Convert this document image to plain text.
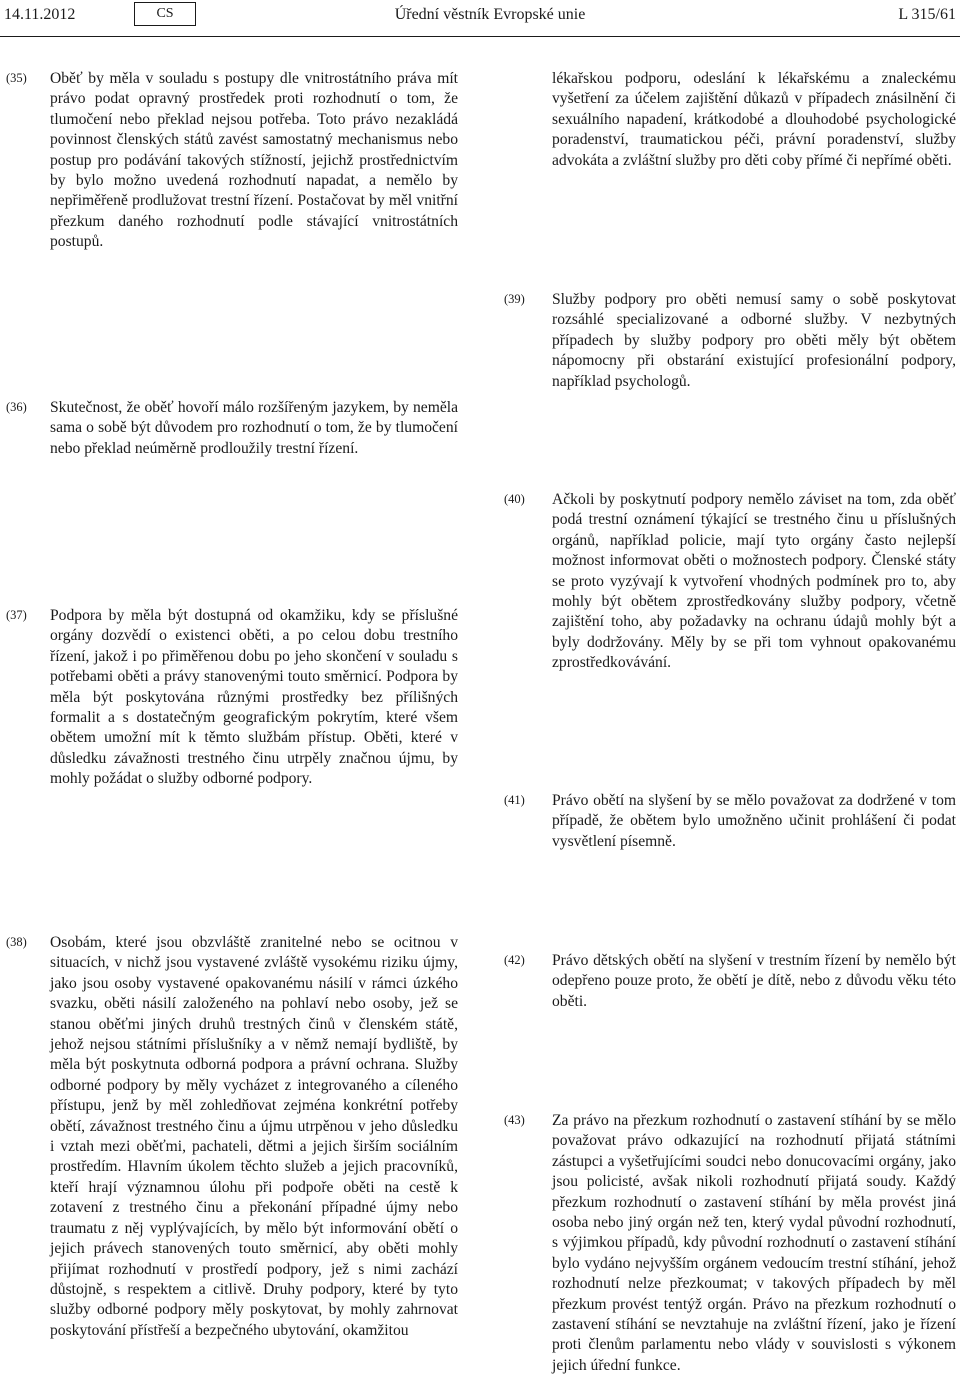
14.11.2012	CS	Úřední věstník Evropské unie	L 315/61
(35)	Oběť by měla v souladu s postupy dle vnitrostátního práva mít právo podat opravný prostředek proti rozhodnutí o tom, že tlumočení nebo překlad nejsou potřeba. Toto právo nezakládá povinnost členských států zavést samostatný mechanismus nebo postup pro podávání takových stížností, jejichž prostřednictvím by bylo možno uvedená rozhodnutí napadat, a nemělo by nepřiměřeně prodlužovat trestní řízení. Postačovat by měl vnitřní přezkum daného rozhodnutí podle stávající vnitrostátních postupů.
(36)	Skutečnost, že oběť hovoří málo rozšířeným jazykem, by neměla sama o sobě být důvodem pro rozhodnutí o tom, že by tlumočení nebo překlad neúměrně prodloužily trestní řízení.
(37)	Podpora by měla být dostupná od okamžiku, kdy se příslušné orgány dozvědí o existenci oběti, a po celou dobu trestního řízení, jakož i po přiměřenou dobu po jeho skončení v souladu s potřebami oběti a právy stanovenými touto směrnicí. Podpora by měla být poskytována různými prostředky bez přílišných formalit a s dostatečným geografickým pokrytím, které všem obětem umožní mít k těmto službám přístup. Oběti, které v důsledku závažnosti trestného činu utrpěly značnou újmu, by mohly požádat o služby odborné podpory.
(38)	Osobám, které jsou obzvláště zranitelné nebo se ocitnou v situacích, v nichž jsou vystavené zvláště vysokému riziku újmy, jako jsou osoby vystavené opakovanému násilí v rámci úzkého svazku, oběti násilí založeného na pohlaví nebo osoby, jež se stanou oběťmi jiných druhů trestných činů v členském státě, jehož nejsou státními příslušníky a v němž nemají bydliště, by měla být poskytnuta odborná podpora a právní ochrana. Služby odborné podpory by měly vycházet z integrovaného a cíleného přístupu, jenž by měl zohledňovat zejména konkrétní potřeby obětí, závažnost trestného činu a újmu utrpěnou v jeho důsledku i vztah mezi oběťmi, pachateli, dětmi a jejich širším sociálním prostředím. Hlavním úkolem těchto služeb a jejich pracovníků, kteří hrají významnou úlohu při podpoře oběti na cestě k zotavení z trestného činu a překonání případné újmy nebo traumatu z něj vyplývajících, by mělo být informování obětí o jejich právech stanovených touto směrnicí, aby oběti mohly přijímat rozhodnutí v prostředí podpory, jež s nimi zachází důstojně, s respektem a citlivě. Druhy podpory, které by tyto služby odborné podpory měly poskytovat, by mohly zahrnovat poskytování přístřeší a bezpečného ubytování, okamžitou
lékařskou podporu, odeslání k lékařskému a znaleckému vyšetření za účelem zajištění důkazů v případech znásilnění či sexuálního napadení, krátkodobé a dlouhodobé psychologické poradenství, traumatickou péči, právní poradenství, služby advokáta a zvláštní služby pro děti coby přímé či nepřímé oběti.
(39)	Služby podpory pro oběti nemusí samy o sobě poskytovat rozsáhlé specializované a odborné služby. V nezbytných případech by služby podpory pro oběti měly být obětem nápomocny při obstarání existující profesionální podpory, například psychologů.
(40)	Ačkoli by poskytnutí podpory nemělo záviset na tom, zda oběť podá trestní oznámení týkající se trestného činu u příslušných orgánů, například policie, mají tyto orgány často nejlepší možnost informovat oběti o možnostech podpory. Členské státy se proto vyzývají k vytvoření vhodných podmínek pro to, aby mohly být obětem zprostředkovány služby podpory, včetně zajištění toho, aby požadavky na ochranu údajů mohly být a byly dodržovány. Měly by se při tom vyhnout opakovanému zprostředkovávání.
(41)	Právo obětí na slyšení by se mělo považovat za dodržené v tom případě, že obětem bylo umožněno učinit prohlášení či podat vysvětlení písemně.
(42)	Právo dětských obětí na slyšení v trestním řízení by nemělo být odepřeno pouze proto, že obětí je dítě, nebo z důvodu věku této oběti.
(43)	Za právo na přezkum rozhodnutí o zastavení stíhání by se mělo považovat právo odkazující na rozhodnutí přijatá státními zástupci a vyšetřujícími soudci nebo donucovacími orgány, jako jsou policisté, avšak nikoli rozhodnutí přijatá soudy. Každý přezkum rozhodnutí o zastavení stíhání by měla provést jiná osoba nebo jiný orgán než ten, který vydal původní rozhodnutí, s výjimkou případů, kdy původní rozhodnutí o zastavení stíhání bylo vydáno nejvyšším orgánem vedoucím trestní stíhání, jehož rozhodnutí nelze přezkoumat; v takových případech by měl přezkum provést tentýž orgán. Právo na přezkum rozhodnutí o zastavení stíhání se nevztahuje na zvláštní řízení, jako je řízení proti členům parlamentu nebo vlády v souvislosti s výkonem jejich úřední funkce.
